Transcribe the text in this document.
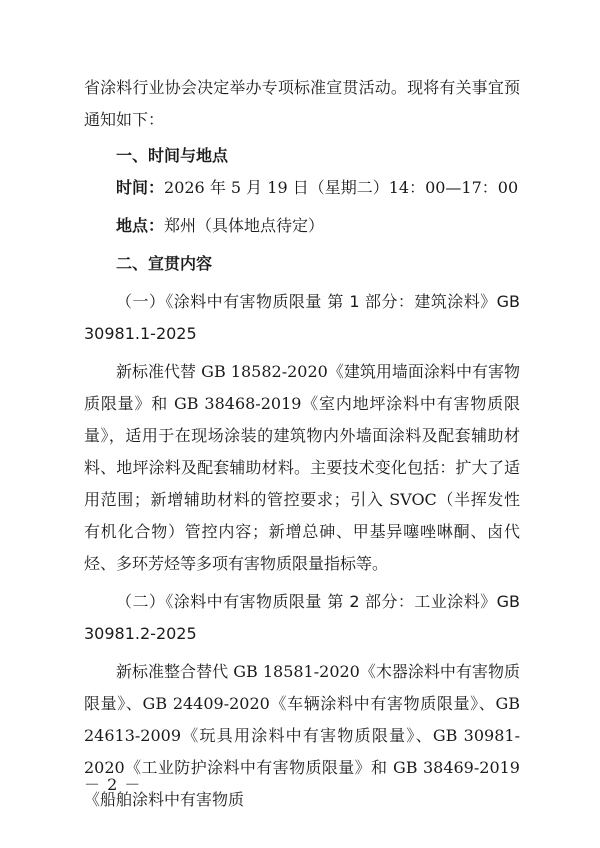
省涂料行业协会决定举办专项标准宣贯活动。现将有关事宜预通知如下：

一、时间与地点

时间：2026 年 5 月 19 日（星期二）14：00—17：00

地点：郑州（具体地点待定）

二、宣贯内容

（一）《涂料中有害物质限量 第 1 部分：建筑涂料》GB 30981.1-2025

新标准代替 GB 18582-2020《建筑用墙面涂料中有害物质限量》和 GB 38468-2019《室内地坪涂料中有害物质限量》，适用于在现场涂装的建筑物内外墙面涂料及配套辅助材料、地坪涂料及配套辅助材料。主要技术变化包括：扩大了适用范围；新增辅助材料的管控要求；引入 SVOC（半挥发性有机化合物）管控内容；新增总砷、甲基异噻唑啉酮、卤代烃、多环芳烃等多项有害物质限量指标等。

（二）《涂料中有害物质限量 第 2 部分：工业涂料》GB 30981.2-2025

新标准整合替代 GB 18581-2020《木器涂料中有害物质限量》、GB 24409-2020《车辆涂料中有害物质限量》、GB 24613-2009《玩具用涂料中有害物质限量》、GB 30981-2020《工业防护涂料中有害物质限量》和 GB 38469-2019《船舶涂料中有害物质

－ 2 －
